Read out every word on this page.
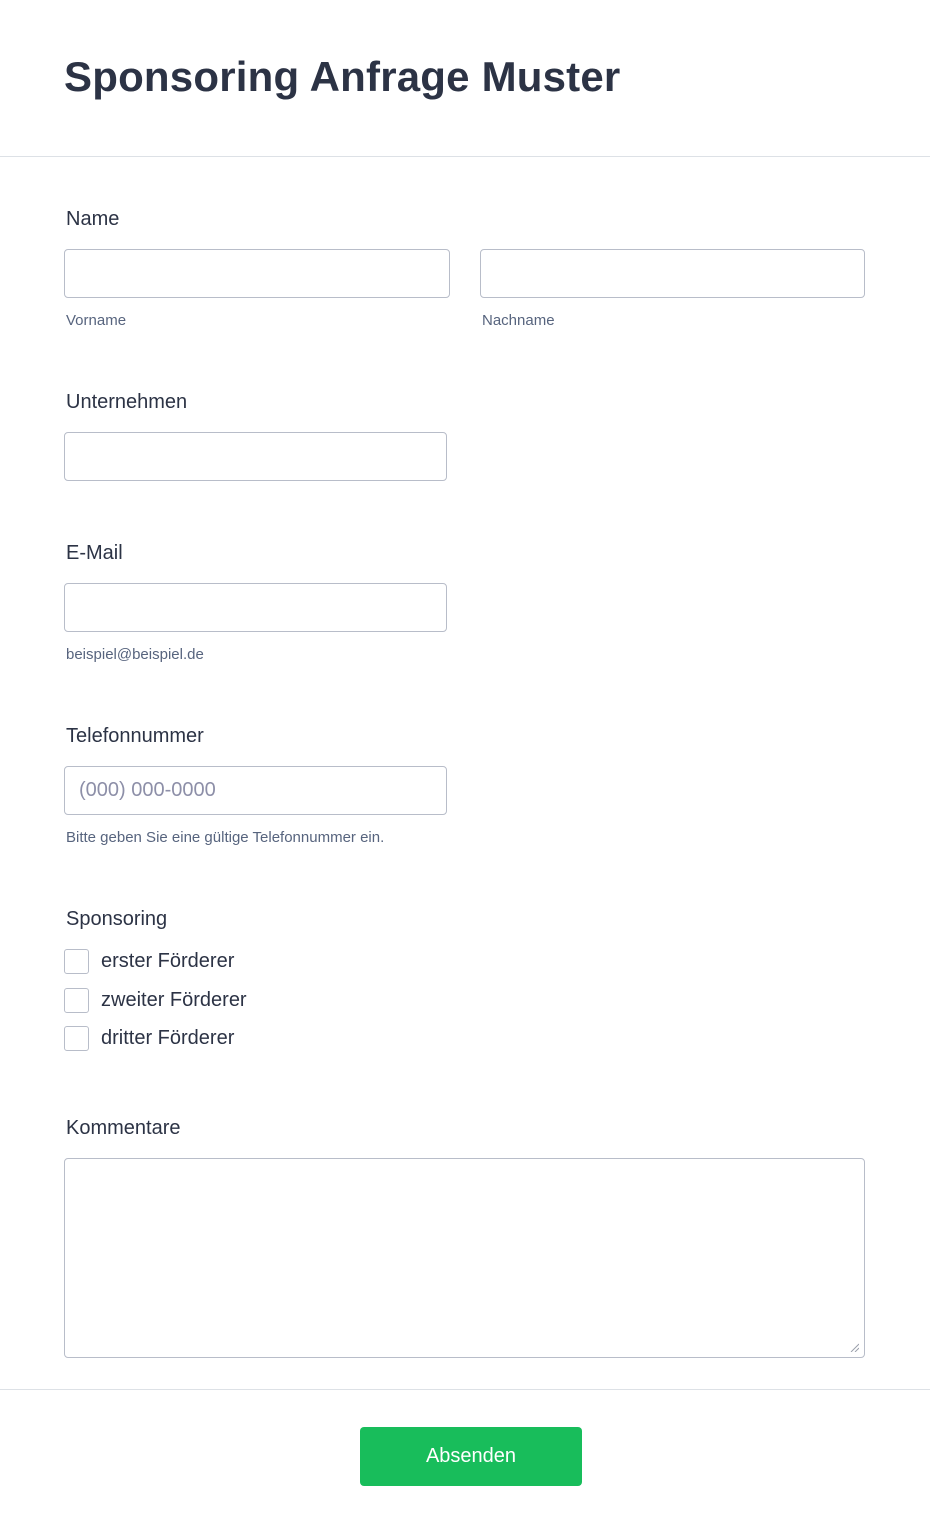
Sponsoring Anfrage Muster
Name
Vorname	Nachname
Unternehmen
E-Mail
beispiel@beispiel.de
Telefonnummer
(000) 000-0000
Bitte geben Sie eine gültige Telefonnummer ein.
Sponsoring
erster Förderer
zweiter Förderer
dritter Förderer
Kommentare
Absenden
